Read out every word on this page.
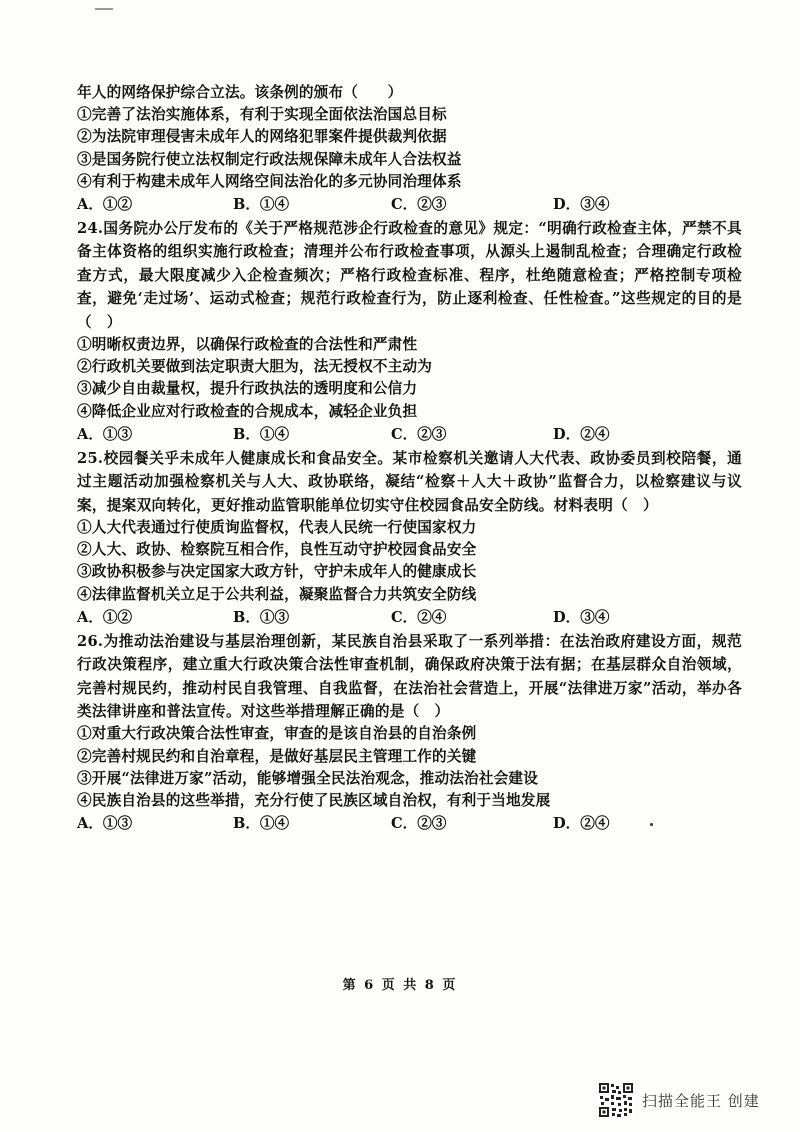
年人的网络保护综合立法。该条例的颁布（　　）
①完善了法治实施体系，有利于实现全面依法治国总目标
②为法院审理侵害未成年人的网络犯罪案件提供裁判依据
③是国务院行使立法权制定行政法规保障未成年人合法权益
④有利于构建未成年人网络空间法治化的多元协同治理体系
A．①②	B．①④	C．②③	D．③④
24.国务院办公厅发布的《关于严格规范涉企行政检查的意见》规定：“明确行政检查主体，严禁不具备主体资格的组织实施行政检查；清理并公布行政检查事项，从源头上遏制乱检查；合理确定行政检查方式，最大限度减少入企检查频次；严格行政检查标准、程序，杜绝随意检查；严格控制专项检查，避免‘走过场’、运动式检查；规范行政检查行为，防止逐利检查、任性检查。”这些规定的目的是（　）
①明晰权责边界，以确保行政检查的合法性和严肃性
②行政机关要做到法定职责大胆为，法无授权不主动为
③减少自由裁量权，提升行政执法的透明度和公信力
④降低企业应对行政检查的合规成本，减轻企业负担
A．①③	B．①④	C．②③	D．②④
25.校园餐关乎未成年人健康成长和食品安全。某市检察机关邀请人大代表、政协委员到校陪餐，通过主题活动加强检察机关与人大、政协联络，凝结“检察＋人大＋政协”监督合力，以检察建议与议案，提案双向转化，更好推动监管职能单位切实守住校园食品安全防线。材料表明（　）
①人大代表通过行使质询监督权，代表人民统一行使国家权力
②人大、政协、检察院互相合作，良性互动守护校园食品安全
③政协积极参与决定国家大政方针，守护未成年人的健康成长
④法律监督机关立足于公共利益，凝聚监督合力共筑安全防线
A．①②	B．①③	C．②④	D．③④
26.为推动法治建设与基层治理创新，某民族自治县采取了一系列举措：在法治政府建设方面，规范行政决策程序，建立重大行政决策合法性审查机制，确保政府决策于法有据；在基层群众自治领域，完善村规民约，推动村民自我管理、自我监督，在法治社会营造上，开展“法律进万家”活动，举办各类法律讲座和普法宣传。对这些举措理解正确的是（　）
①对重大行政决策合法性审查，审查的是该自治县的自治条例
②完善村规民约和自治章程，是做好基层民主管理工作的关键
③开展“法律进万家”活动，能够增强全民法治观念，推动法治社会建设
④民族自治县的这些举措，充分行使了民族区域自治权，有利于当地发展
A．①③	B．①④	C．②③	D．②④
第 6 页 共 8 页
扫描全能王 创建
